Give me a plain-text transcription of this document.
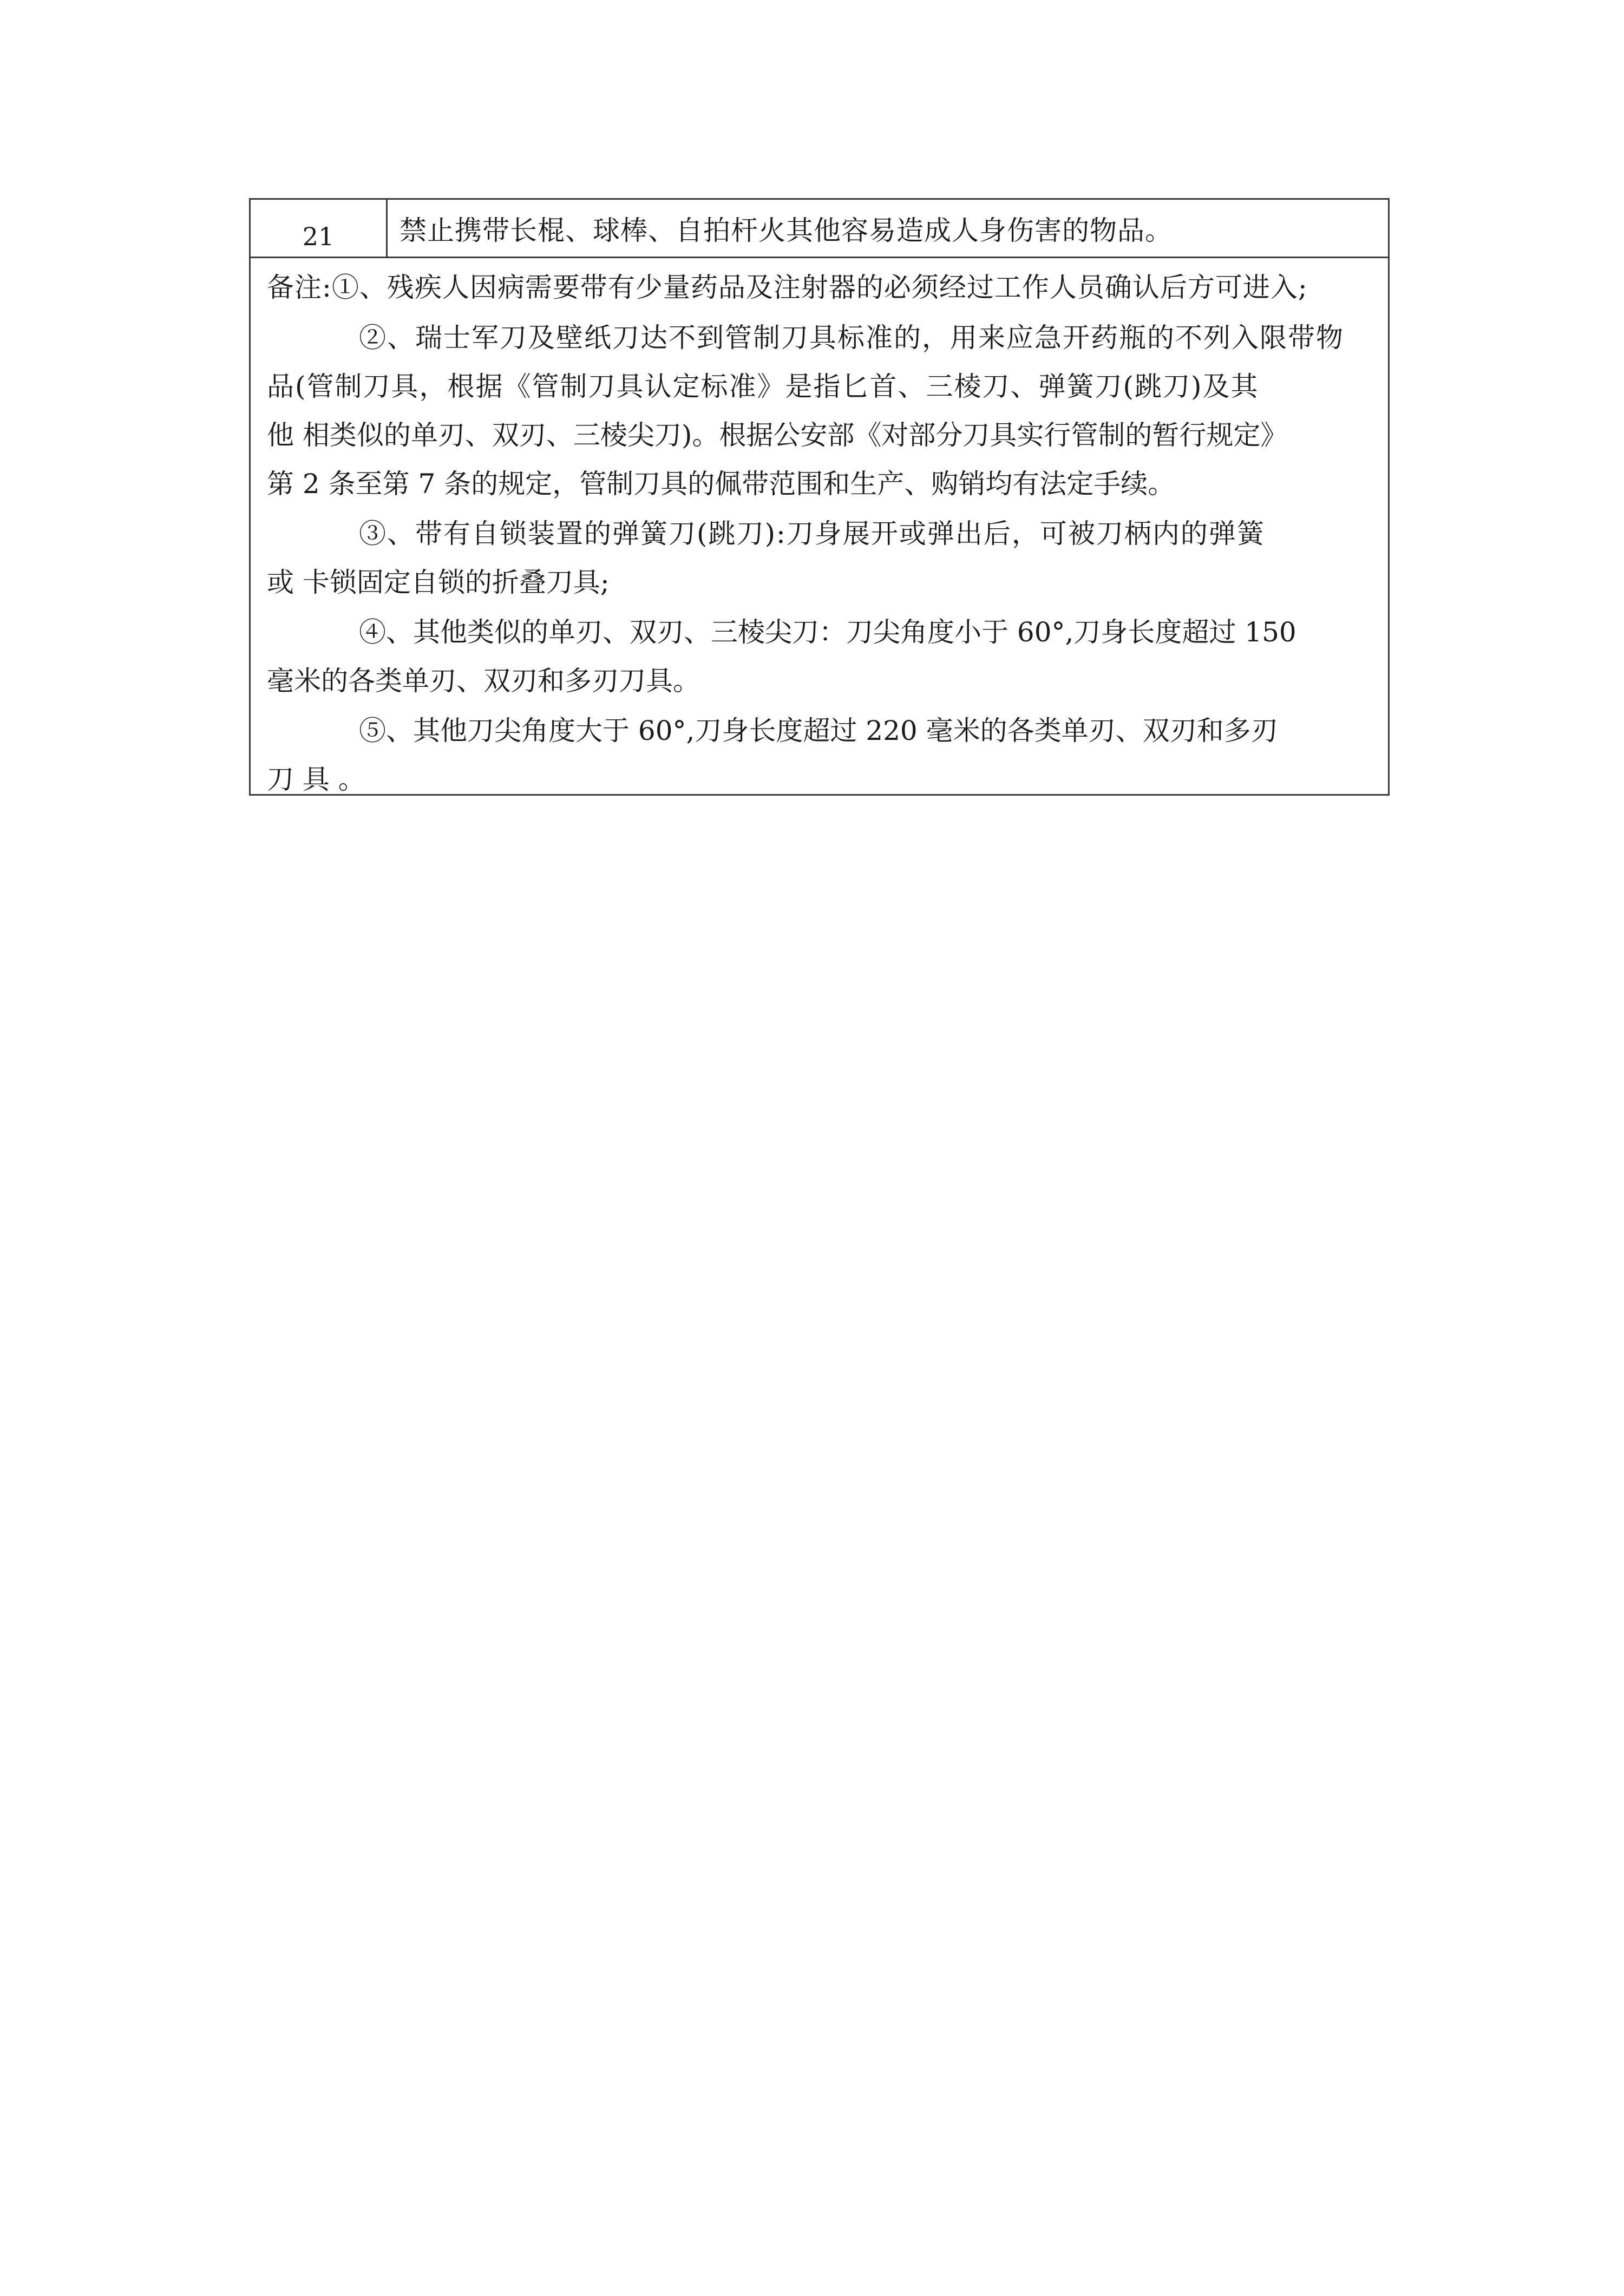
21	禁止携带长棍、球棒、自拍杆火其他容易造成人身伤害的物品。
备注:①、残疾人因病需要带有少量药品及注射器的必须经过工作人员确认后方可进入;
②、瑞士军刀及壁纸刀达不到管制刀具标准的，用来应急开药瓶的不列入限带物
品(管制刀具，根据《管制刀具认定标准》是指匕首、三棱刀、弹簧刀(跳刀)及其
他 相类似的单刃、双刃、三棱尖刀)。根据公安部《对部分刀具实行管制的暂行规定》
第 2 条至第 7 条的规定，管制刀具的佩带范围和生产、购销均有法定手续。
③、带有自锁装置的弹簧刀(跳刀):刀身展开或弹出后，可被刀柄内的弹簧
或 卡锁固定自锁的折叠刀具;
④、其他类似的单刃、双刃、三棱尖刀：刀尖角度小于 60°,刀身长度超过 150
毫米的各类单刃、双刃和多刃刀具。
⑤、其他刀尖角度大于 60°,刀身长度超过 220 毫米的各类单刃、双刃和多刃
刀 具 。
